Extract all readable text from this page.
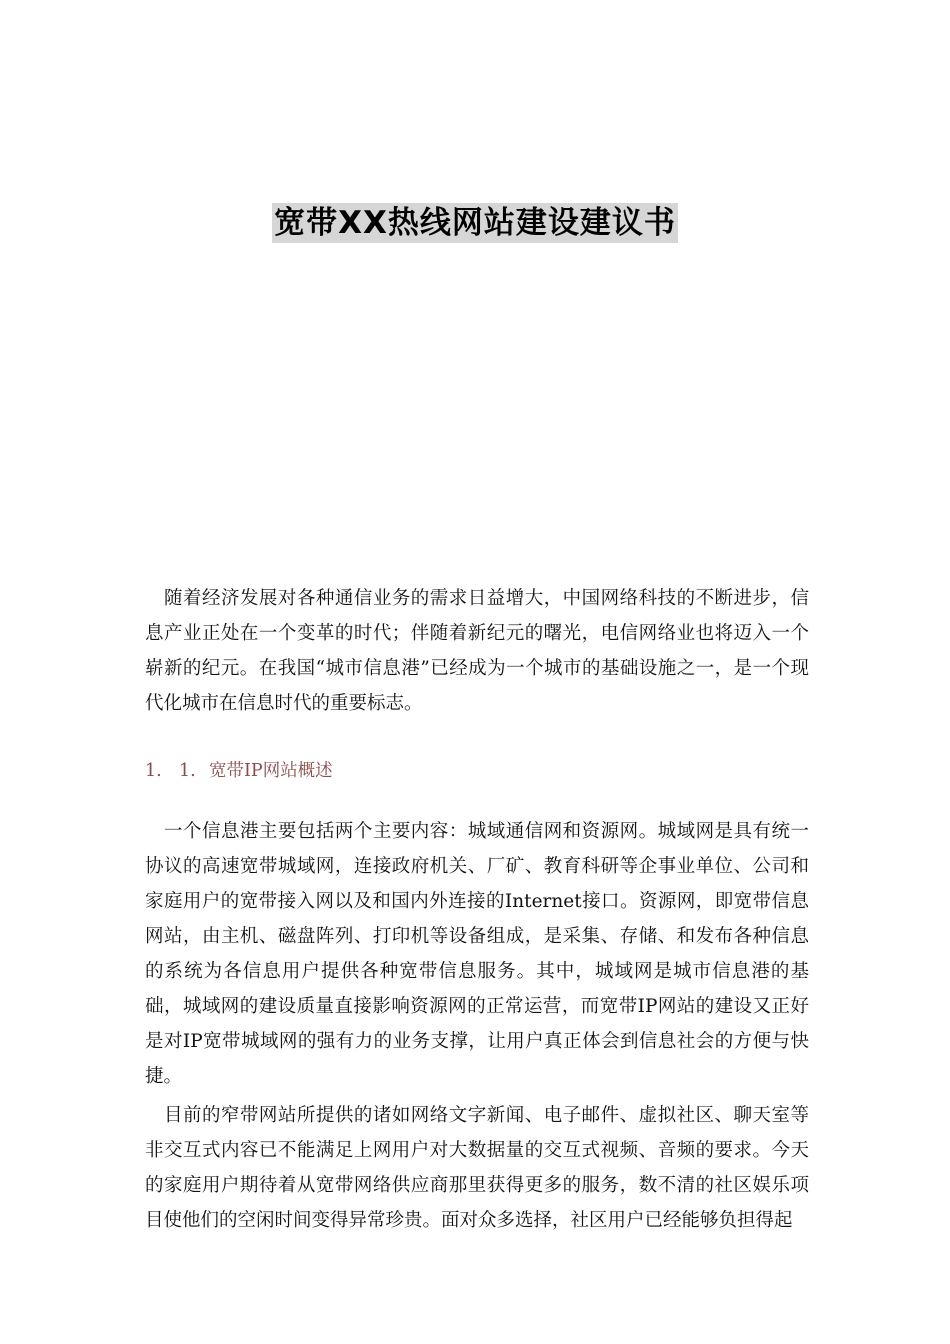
宽带XX热线网站建设建议书

随着经济发展对各种通信业务的需求日益增大，中国网络科技的不断进步，信息产业正处在一个变革的时代；伴随着新纪元的曙光，电信网络业也将迈入一个崭新的纪元。在我国“城市信息港”已经成为一个城市的基础设施之一，是一个现代化城市在信息时代的重要标志。

1. 1. 宽带IP网站概述

一个信息港主要包括两个主要内容：城域通信网和资源网。城域网是具有统一协议的高速宽带城域网，连接政府机关、厂矿、教育科研等企事业单位、公司和家庭用户的宽带接入网以及和国内外连接的Internet接口。资源网，即宽带信息网站，由主机、磁盘阵列、打印机等设备组成，是采集、存储、和发布各种信息的系统为各信息用户提供各种宽带信息服务。其中，城域网是城市信息港的基础，城域网的建设质量直接影响资源网的正常运营，而宽带IP网站的建设又正好是对IP宽带城域网的强有力的业务支撑，让用户真正体会到信息社会的方便与快捷。

目前的窄带网站所提供的诸如网络文字新闻、电子邮件、虚拟社区、聊天室等非交互式内容已不能满足上网用户对大数据量的交互式视频、音频的要求。今天的家庭用户期待着从宽带网络供应商那里获得更多的服务，数不清的社区娱乐项目使他们的空闲时间变得异常珍贵。面对众多选择，社区用户已经能够负担得起
